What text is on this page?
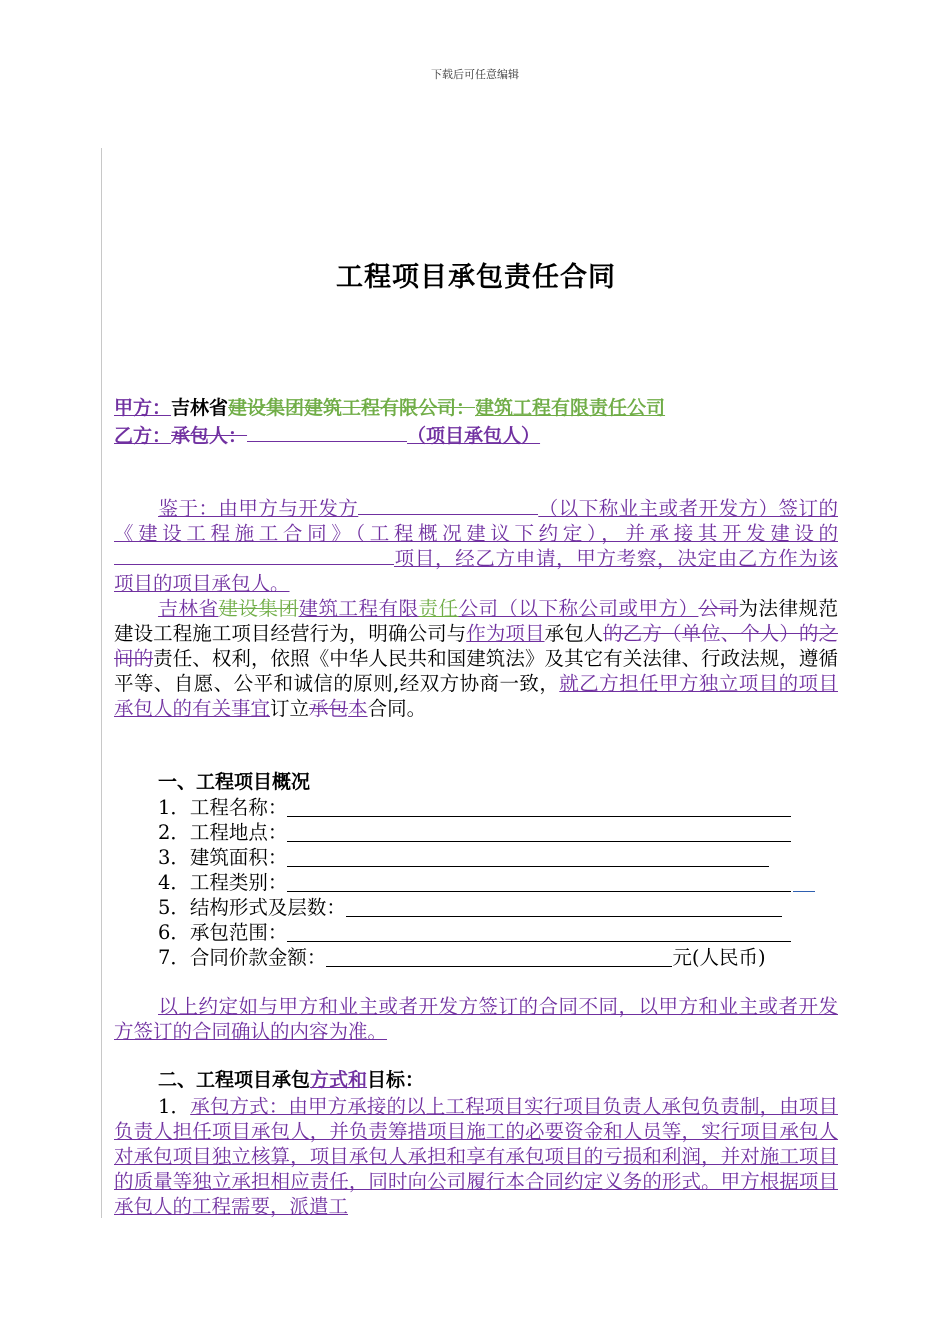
下载后可任意编辑
工程项目承包责任合同
甲方：吉林省建设集团建筑工程有限公司：建筑工程有限责任公司
乙方：承包人：	（项目承包人）
鉴于：由甲方与开发方	（以下称业主或者开发方）签订的《建设工程施工合同》（工程概况建议下约定），并承接其开发建设的项目，经乙方申请，甲方考察，决定由乙方作为该项目的项目承包人。
吉林省建设集团建筑工程有限责任公司（以下称公司或甲方）公司为法律规范建设工程施工项目经营行为，明确公司与作为项目承包人的乙方（单位、个人）的之间的责任、权利，依照《中华人民共和国建筑法》及其它有关法律、行政法规，遵循平等、自愿、公平和诚信的原则,经双方协商一致，就乙方担任甲方独立项目的项目承包人的有关事宜订立承包本合同。
一、工程项目概况
1．工程名称：
2．工程地点：
3．建筑面积：
4．工程类别：
5．结构形式及层数：
6．承包范围：
7．合同价款金额：	元(人民币)
以上约定如与甲方和业主或者开发方签订的合同不同，以甲方和业主或者开发方签订的合同确认的内容为准。
二、工程项目承包方式和目标：
1．承包方式：由甲方承接的以上工程项目实行项目负责人承包负责制，由项目负责人担任项目承包人，并负责筹措项目施工的必要资金和人员等，实行项目承包人对承包项目独立核算，项目承包人承担和享有承包项目的亏损和利润，并对施工项目的质量等独立承担相应责任，同时向公司履行本合同约定义务的形式。甲方根据项目承包人的工程需要，派遣工
